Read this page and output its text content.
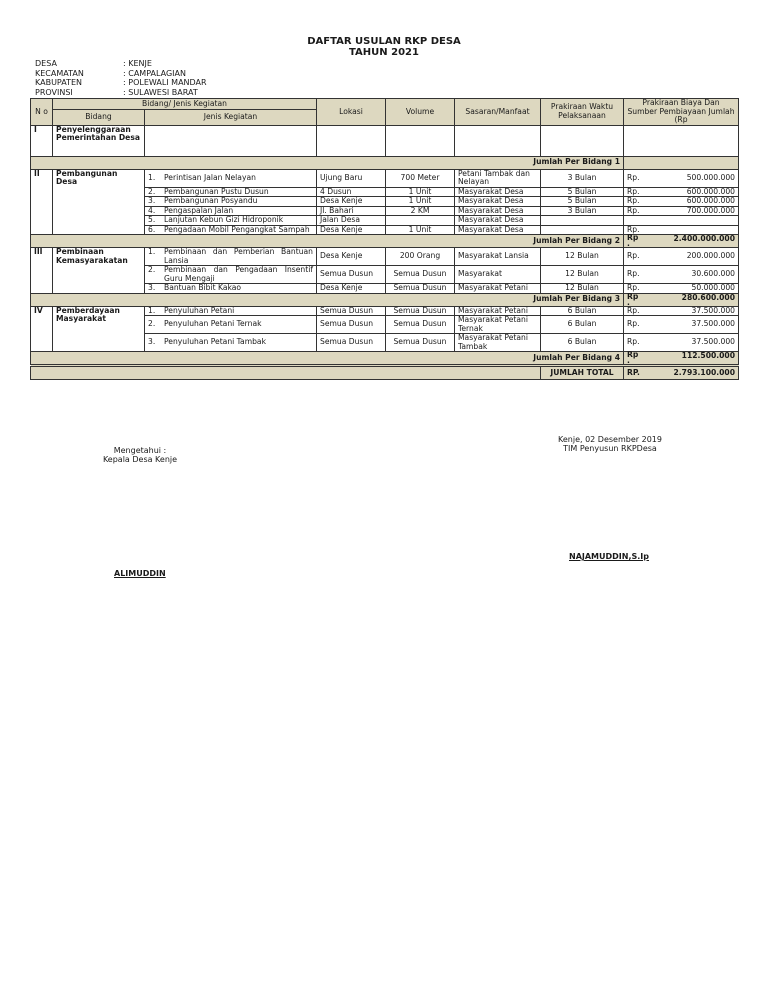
DAFTAR USULAN RKP DESA
TAHUN 2021
DESA	: KENJE
KECAMATAN	: CAMPALAGIAN
KABUPATEN	: POLEWALI MANDAR
PROVINSI	: SULAWESI BARAT
N o	Bidang/ Jenis Kegiatan		Lokasi	Volume	Sasaran/Manfaat	Prakiraan Waktu Pelaksanaan	Prakiraan Biaya Dan Sumber Pembiayaan Jumlah (Rp
	Bidang	Jenis Kegiatan					
I	Penyelenggaraan Pemerintahan Desa						
Jumlah Per Bidang 1							

II	Pembangunan Desa	1. Perintisan Jalan Nelayan	Ujung Baru	700 Meter	Petani Tambak dan Nelayan	3 Bulan	Rp. 500.000.000

		2. Pembangunan Pustu Dusun	4 Dusun	1 Unit	Masyarakat Desa	5 Bulan	Rp. 600.000.000

		3. Pembangunan Posyandu	Desa Kenje	1 Unit	Masyarakat Desa	5 Bulan	Rp. 600.000.000

		4. Pengaspalan Jalan	Jl. Bahari	2 KM	Masyarakat Desa	3 Bulan	Rp. 700.000.000

		5. Lanjutan Kebun Gizi Hidroponik	Jalan Desa		Masyarakat Desa		

		6. Pengadaan Mobil Pengangkat Sampah	Desa Kenje	1 Unit	Masyarakat Desa		Rp.

Jumlah Per Bidang 2							Rp .
2.400.000.000

III	Pembinaan Kemasyarakatan	1. Pembinaan dan Pemberian Bantuan Lansia	Desa Kenje	200 Orang	Masyarakat Lansia	12 Bulan	Rp. 200.000.000

		2. Pembinaan dan Pengadaan Insentif Guru Mengaji	Semua Dusun	Semua Dusun	Masyarakat	12 Bulan	Rp. 30.600.000

		3. Bantuan Bibit Kakao	Desa Kenje	Semua Dusun	Masyarakat Petani	12 Bulan	Rp. 50.000.000

Jumlah Per Bidang 3							Rp .
280.600.000

IV	Pemberdayaan Masyarakat	1. Penyuluhan Petani	Semua Dusun	Semua Dusun	Masyarakat Petani	6 Bulan	Rp. 37.500.000

		2. Penyuluhan Petani Ternak	Semua Dusun	Semua Dusun	Masyarakat Petani Ternak	6 Bulan	Rp. 37.500.000

		3. Penyuluhan Petani Tambak	Semua Dusun	Semua Dusun	Masyarakat Petani Tambak	6 Bulan	Rp. 37.500.000

Jumlah Per Bidang 4							Rp .
112.500.000

						JUMLAH TOTAL	RP. 2.793.100.000
Mengetahui :
Kepala Desa Kenje
ALIMUDDIN
Kenje, 02 Desember 2019
TIM Penyusun RKPDesa
NAJAMUDDIN,S.Ip
